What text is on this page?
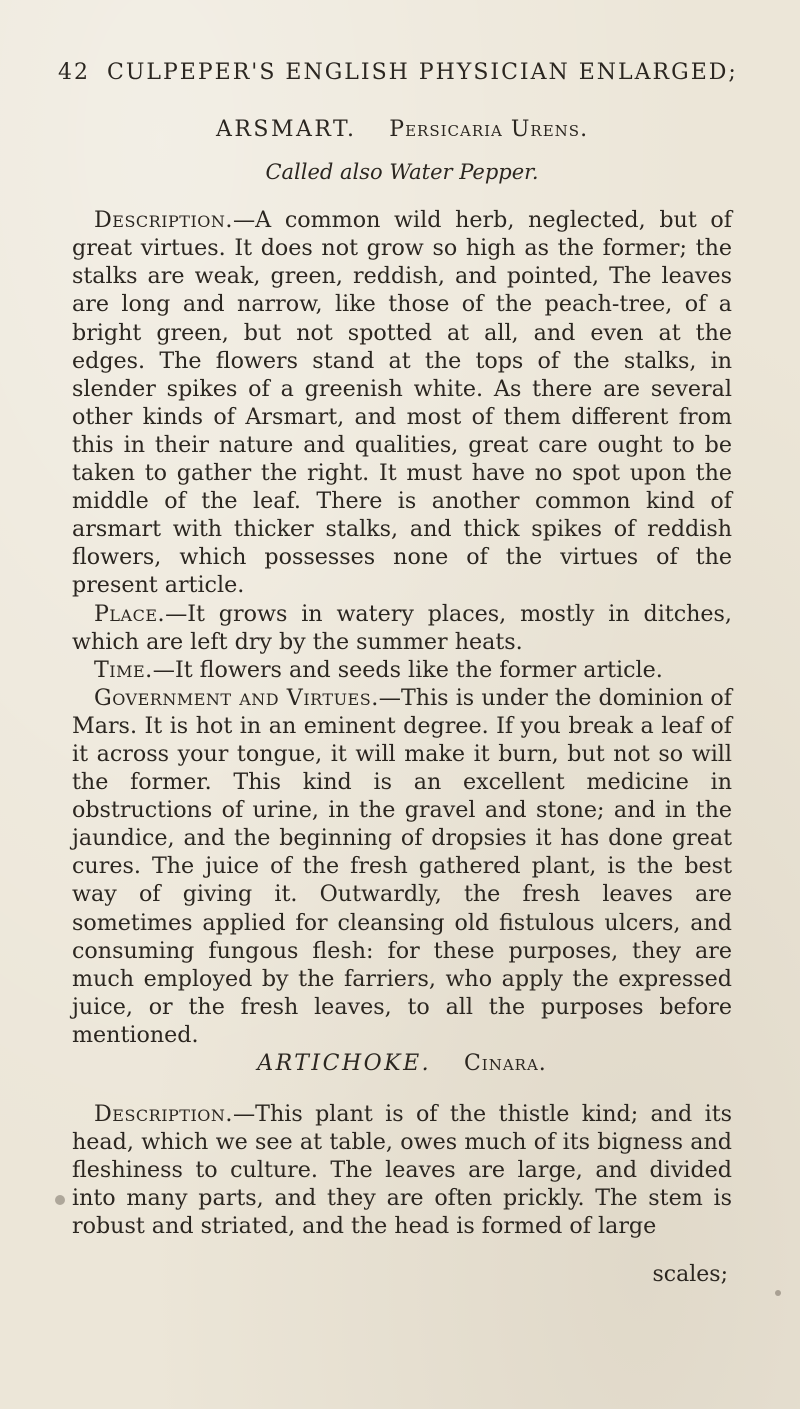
42 CULPEPER'S ENGLISH PHYSICIAN ENLARGED;
ARSMART. Persicaria Urens.
Called also Water Pepper.

Description.—A common wild herb, neglected, but of great virtues. It does not grow so high as the former; the stalks are weak, green, reddish, and pointed, The leaves are long and narrow, like those of the peach-tree, of a bright green, but not spotted at all, and even at the edges. The flowers stand at the tops of the stalks, in slender spikes of a greenish white. As there are several other kinds of Arsmart, and most of them different from this in their nature and qualities, great care ought to be taken to gather the right. It must have no spot upon the middle of the leaf. There is another common kind of arsmart with thicker stalks, and thick spikes of reddish flowers, which possesses none of the virtues of the present article.

Place.—It grows in watery places, mostly in ditches, which are left dry by the summer heats.

Time.—It flowers and seeds like the former article.

Government and Virtues.—This is under the dominion of Mars. It is hot in an eminent degree. If you break a leaf of it across your tongue, it will make it burn, but not so will the former. This kind is an excellent medicine in obstructions of urine, in the gravel and stone; and in the jaundice, and the beginning of dropsies it has done great cures. The juice of the fresh gathered plant, is the best way of giving it. Outwardly, the fresh leaves are sometimes applied for cleansing old fistulous ulcers, and consuming fungous flesh: for these purposes, they are much employed by the farriers, who apply the expressed juice, or the fresh leaves, to all the purposes before mentioned.

ARTICHOKE. Cinara.

Description.—This plant is of the thistle kind; and its head, which we see at table, owes much of its bigness and fleshiness to culture. The leaves are large, and divided into many parts, and they are often prickly. The stem is robust and striated, and the head is formed of large

scales;
